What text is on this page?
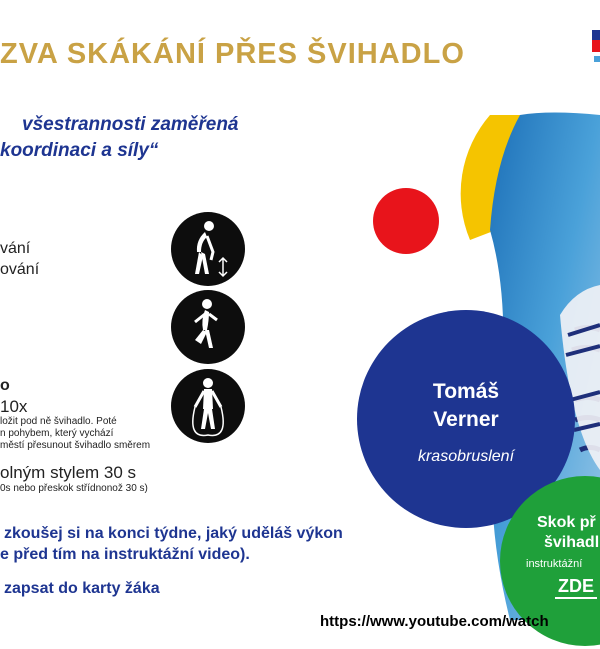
ZVA SKÁKÁNÍ PŘES ŠVIHADLO
všestrannosti zaměřená
koordinaci a síly“
vání
ování
o
10x
ložit pod ně švihadlo. Poté
n pohybem, který vychází
městí přesunout švihadlo směrem
olným stylem 30 s
0s nebo přeskok střídnonož 30 s)
zkoušej si na konci týdne, jaký uděláš výkon
e před tím na instruktážní video).
zapsat do karty žáka
Tomáš
Verner
krasobruslení
Skok př
švihadl
instruktážní
ZDE
https://www.youtube.com/watch
